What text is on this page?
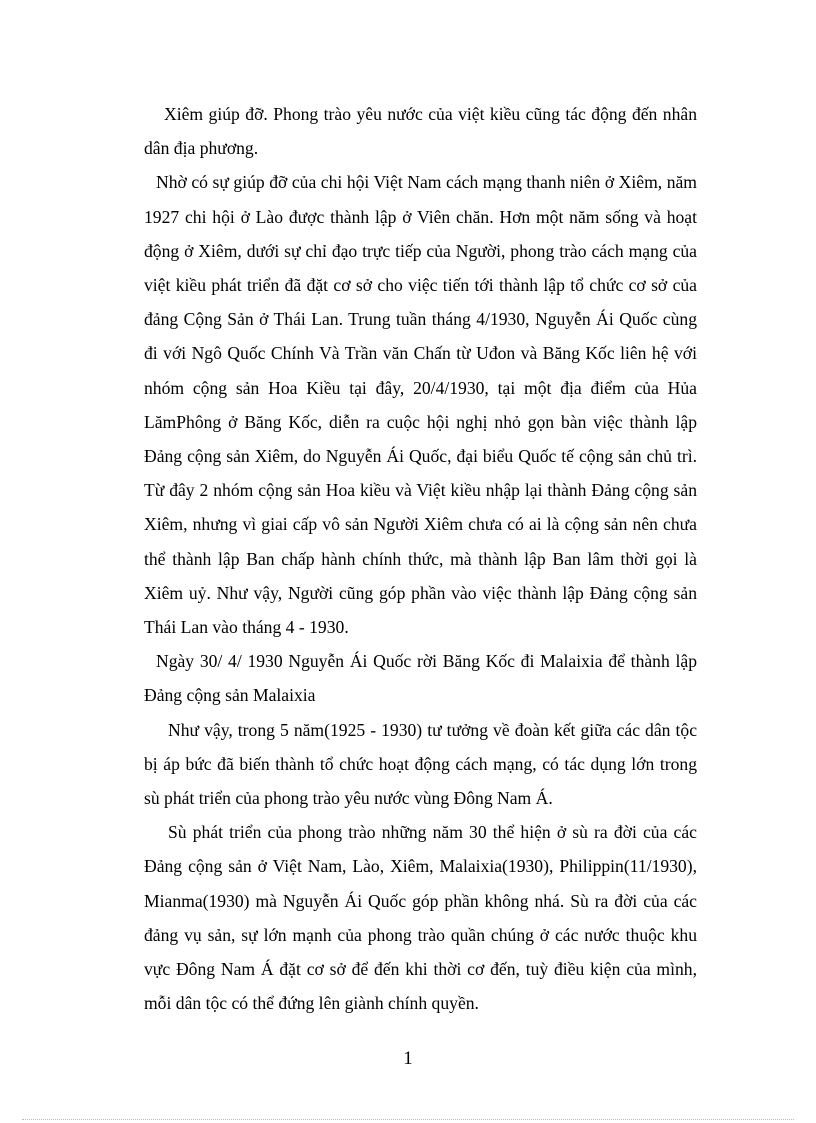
Xiêm giúp đỡ. Phong trào yêu nước của việt kiều cũng tác động đến nhân dân địa phương.

Nhờ có sự giúp đỡ của chi hội Việt Nam cách mạng thanh niên ở Xiêm, năm 1927 chi hội ở Lào được thành lập ở Viên chăn. Hơn một năm sống và hoạt động ở Xiêm, dưới sự chỉ đạo trực tiếp của Người, phong trào cách mạng của việt kiều phát triển đã đặt cơ sở cho việc tiến tới thành lập tổ chức cơ sở của đảng Cộng Sản ở Thái Lan. Trung tuần tháng 4/1930, Nguyễn Ái Quốc cùng đi với Ngô Quốc Chính Và Trần văn Chấn từ Uđon và Băng Kốc liên hệ với nhóm cộng sản Hoa Kiều tại đây, 20/4/1930, tại một địa điểm của Hủa LămPhông ở Băng Kốc, diễn ra cuộc hội nghị nhỏ gọn bàn việc thành lập Đảng cộng sản Xiêm, do Nguyễn Ái Quốc, đại biểu Quốc tế cộng sản chủ trì. Từ đây 2 nhóm cộng sản Hoa kiều và Việt kiều nhập lại thành Đảng cộng sản Xiêm, nhưng vì giai cấp vô sản Người Xiêm chưa có ai là cộng sản nên chưa thể thành lập Ban chấp hành chính thức, mà thành lập Ban lâm thời gọi là Xiêm uỷ. Như vậy, Người cũng góp phần vào việc thành lập Đảng cộng sản Thái Lan vào tháng 4 - 1930.

Ngày 30/ 4/ 1930 Nguyễn Ái Quốc rời Băng Kốc đi Malaixia để thành lập Đảng cộng sản Malaixia

Như vậy, trong 5 năm(1925 - 1930) tư tưởng về đoàn kết giữa các dân tộc bị áp bức đã biến thành tổ chức hoạt động cách mạng, có tác dụng lớn trong sù phát triển của phong trào yêu nước vùng Đông Nam Á.

Sù phát triển của phong trào những năm 30 thể hiện ở sù ra đời của các Đảng cộng sản ở Việt Nam, Lào, Xiêm, Malaixia(1930), Philippin(11/1930), Mianma(1930) mà Nguyễn Ái Quốc góp phần không nhá. Sù ra đời của các đảng vụ sản, sự lớn mạnh của phong trào quần chúng ở các nước thuộc khu vực Đông Nam Á đặt cơ sở để đến khi thời cơ đến, tuỳ điều kiện của mình, mỗi dân tộc có thể đứng lên giành chính quyền.

1
